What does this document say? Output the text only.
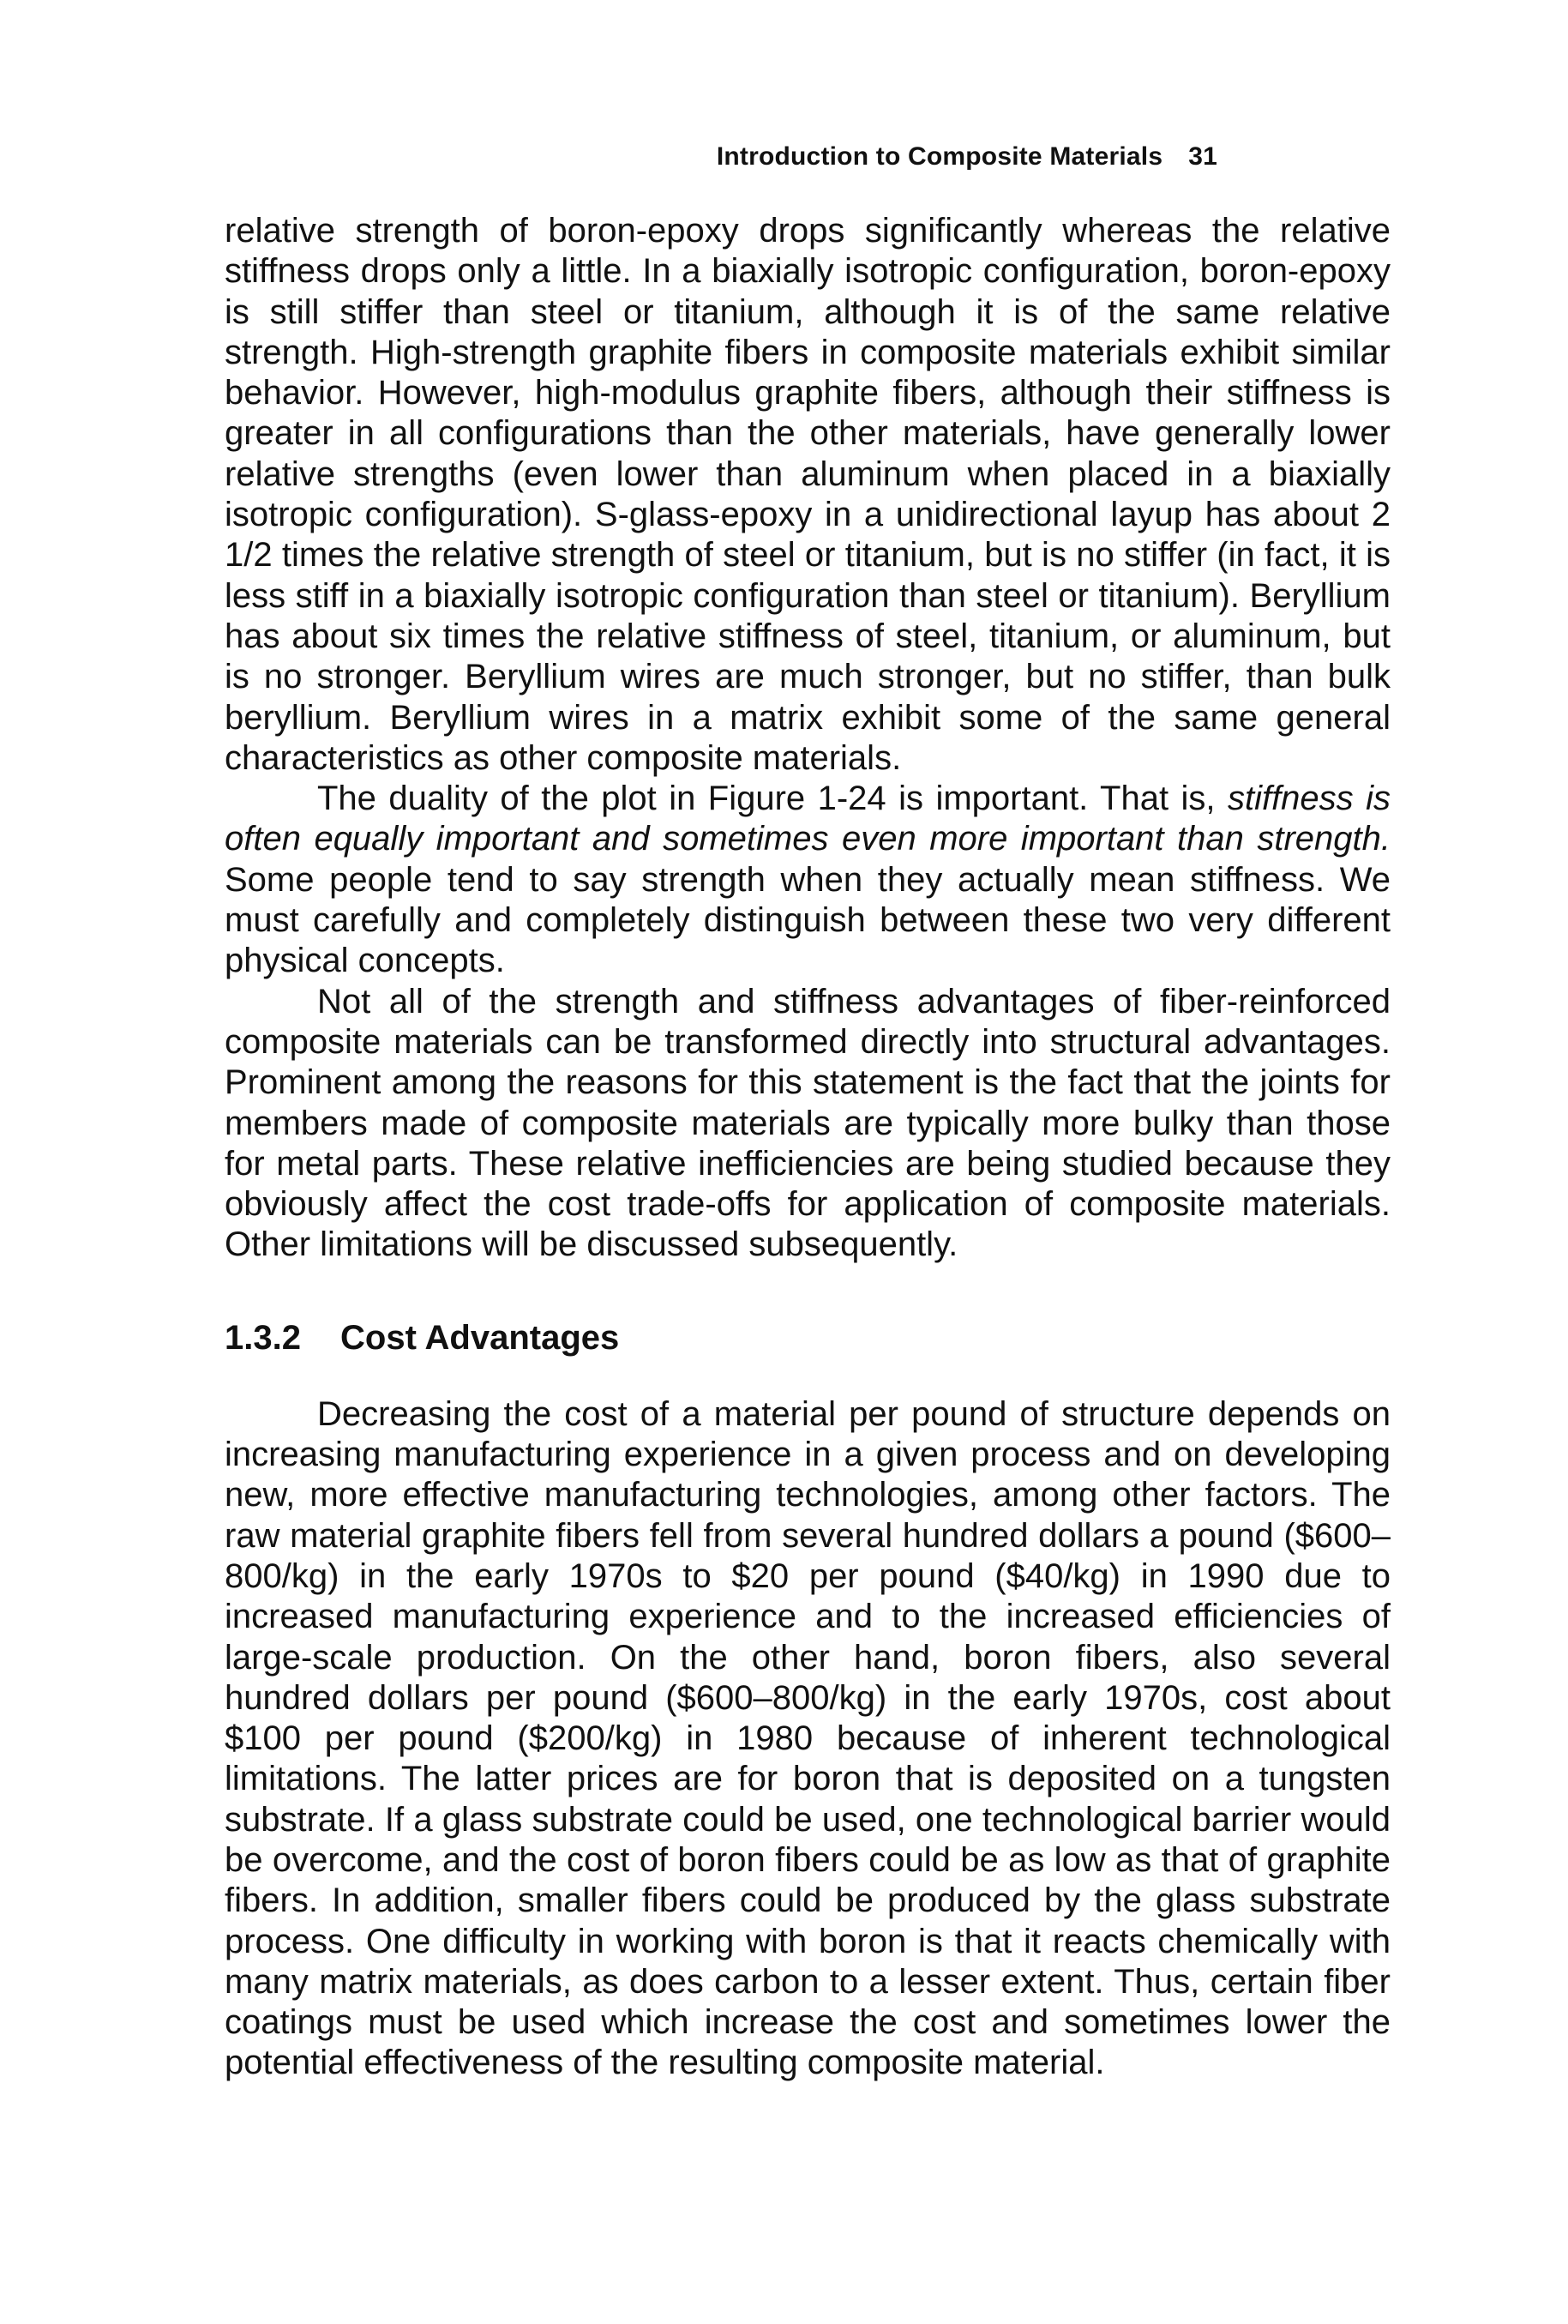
Introduction to Composite Materials 31

relative strength of boron-epoxy drops significantly whereas the relative stiffness drops only a little. In a biaxially isotropic configuration, boron-epoxy is still stiffer than steel or titanium, although it is of the same relative strength. High-strength graphite fibers in composite materials exhibit similar behavior. However, high-modulus graphite fibers, although their stiffness is greater in all configurations than the other materials, have generally lower relative strengths (even lower than aluminum when placed in a biaxially isotropic configuration). S-glass-epoxy in a unidirectional layup has about 2 1/2 times the relative strength of steel or titanium, but is no stiffer (in fact, it is less stiff in a biaxially isotropic configuration than steel or titanium). Beryllium has about six times the relative stiffness of steel, titanium, or aluminum, but is no stronger. Beryllium wires are much stronger, but no stiffer, than bulk beryllium. Beryllium wires in a matrix exhibit some of the same general characteristics as other composite materials.

The duality of the plot in Figure 1-24 is important. That is, stiffness is often equally important and sometimes even more important than strength. Some people tend to say strength when they actually mean stiffness. We must carefully and completely distinguish between these two very different physical concepts.

Not all of the strength and stiffness advantages of fiber-reinforced composite materials can be transformed directly into structural advantages. Prominent among the reasons for this statement is the fact that the joints for members made of composite materials are typically more bulky than those for metal parts. These relative inefficiencies are being studied because they obviously affect the cost trade-offs for application of composite materials. Other limitations will be discussed subsequently.

1.3.2 Cost Advantages

Decreasing the cost of a material per pound of structure depends on increasing manufacturing experience in a given process and on developing new, more effective manufacturing technologies, among other factors. The raw material graphite fibers fell from several hundred dollars a pound ($600–800/kg) in the early 1970s to $20 per pound ($40/kg) in 1990 due to increased manufacturing experience and to the increased efficiencies of large-scale production. On the other hand, boron fibers, also several hundred dollars per pound ($600–800/kg) in the early 1970s, cost about $100 per pound ($200/kg) in 1980 because of inherent technological limitations. The latter prices are for boron that is deposited on a tungsten substrate. If a glass substrate could be used, one technological barrier would be overcome, and the cost of boron fibers could be as low as that of graphite fibers. In addition, smaller fibers could be produced by the glass substrate process. One difficulty in working with boron is that it reacts chemically with many matrix materials, as does carbon to a lesser extent. Thus, certain fiber coatings must be used which increase the cost and sometimes lower the potential effectiveness of the resulting composite material.
